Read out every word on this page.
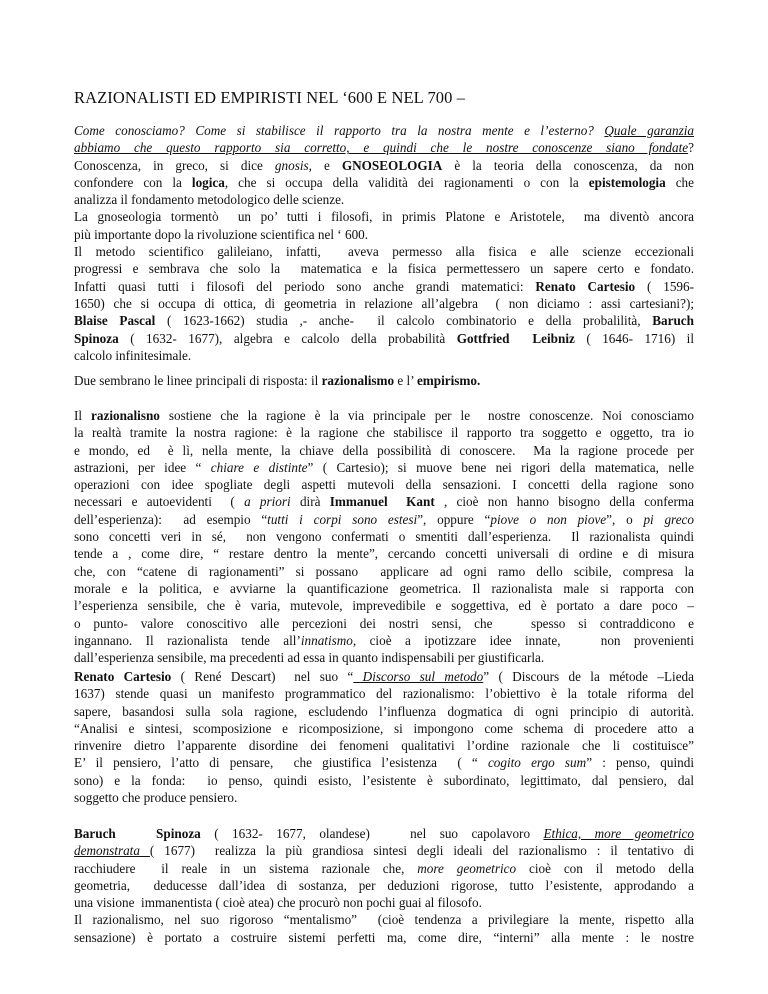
RAZIONALISTI ED EMPIRISTI NEL ‘600 E NEL 700 –
Come conosciamo? Come si stabilisce il rapporto tra la nostra mente e l’esterno? Quale garanzia
abbiamo che questo rapporto sia corretto, e quindi che le nostre conoscenze siano fondate?
Conoscenza, in greco, si dice gnosis, e GNOSEOLOGIA è la teoria della conoscenza, da non
confondere con la logica, che si occupa della validità dei ragionamenti o con la epistemologia che
analizza il fondamento metodologico delle scienze.
La gnoseologia tormentò  un po’ tutti i filosofi, in primis Platone e Aristotele,  ma diventò ancora
più importante dopo la rivoluzione scientifica nel ‘ 600.
Il metodo scientifico galileiano, infatti,  aveva permesso alla fisica e alle scienze eccezionali
progressi e sembrava che solo la  matematica e la fisica permettessero un sapere certo e fondato.
Infatti quasi tutti i filosofi del periodo sono anche grandi matematici: Renato Cartesio ( 1596-
1650) che si occupa di ottica, di geometria in relazione all’algebra  ( non diciamo : assi cartesiani?);
Blaise Pascal ( 1623-1662) studia ,- anche-  il calcolo combinatorio e della probalilità, Baruch
Spinoza ( 1632- 1677), algebra e calcolo della probabilità Gottfried  Leibniz ( 1646- 1716) il
calcolo infinitesimale.
Due sembrano le linee principali di risposta: il razionalismo e l’ empirismo.
Il razionalisno sostiene che la ragione è la via principale per le  nostre conoscenze. Noi conosciamo
la realtà tramite la nostra ragione: è la ragione che stabilisce il rapporto tra soggetto e oggetto, tra io
e mondo, ed  è lì, nella mente, la chiave della possibilità di conoscere.  Ma la ragione procede per
astrazioni, per idee “ chiare e distinte” ( Cartesio); si muove bene nei rigori della matematica, nelle
operazioni con idee spogliate degli aspetti mutevoli della sensazioni. I concetti della ragione sono
necessari e autoevidenti  ( a priori dirà Immanuel  Kant , cioè non hanno bisogno della conferma
dell’esperienza):  ad esempio “tutti i corpi sono estesi”, oppure “piove o non piove”, o pi greco
sono concetti veri in sé,  non vengono confermati o smentiti dall’esperienza.  Il razionalista quindi
tende a , come dire, “ restare dentro la mente”, cercando concetti universali di ordine e di misura
che, con “catene di ragionamenti” si possano  applicare ad ogni ramo dello scibile, compresa la
morale e la politica, e avviarne la quantificazione geometrica. Il razionalista male si rapporta con
l’esperienza sensibile, che è varia, mutevole, imprevedibile e soggettiva, ed è portato a dare poco –
o punto- valore conoscitivo alle percezioni dei nostri sensi, che   spesso si contraddicono e
ingannano. Il razionalista tende all’innatismo, cioè a ipotizzare idee innate,   non provenienti
dall’esperienza sensibile, ma precedenti ad essa in quanto indispensabili per giustificarla.
Renato Cartesio ( René Descart)  nel suo “ Discorso sul metodo” ( Discours de la métode –Lieda
1637) stende quasi un manifesto programmatico del razionalismo: l’obiettivo è la totale riforma del
sapere, basandosi sulla sola ragione, escludendo l’influenza dogmatica di ogni principio di autorità.
“Analisi e sintesi, scomposizione e ricomposizione, si impongono come schema di procedere atto a
rinvenire dietro l’apparente disordine dei fenomeni qualitativi l’ordine razionale che li costituisce”
E’ il pensiero, l’atto di pensare,  che giustifica l’esistenza  ( “ cogito ergo sum” : penso, quindi
sono) e la fonda:  io penso, quindi esisto, l’esistente è subordinato, legittimato, dal pensiero, dal
soggetto che produce pensiero.
Baruch   Spinoza ( 1632- 1677, olandese)   nel suo capolavoro Ethica, more geometrico
demonstrata ( 1677)  realizza la più grandiosa sintesi degli ideali del razionalismo : il tentativo di
racchiudere  il reale in un sistema razionale che, more geometrico cioè con il metodo della
geometria,  deducesse dall’idea di sostanza, per deduzioni rigorose, tutto l’esistente, approdando a
una visione  immanentista ( cioè atea) che procurò non pochi guai al filosofo.
Il razionalismo, nel suo rigoroso “mentalismo”  (cioè tendenza a privilegiare la mente, rispetto alla
sensazione) è portato a costruire sistemi perfetti ma, come dire, “interni” alla mente : le nostre
